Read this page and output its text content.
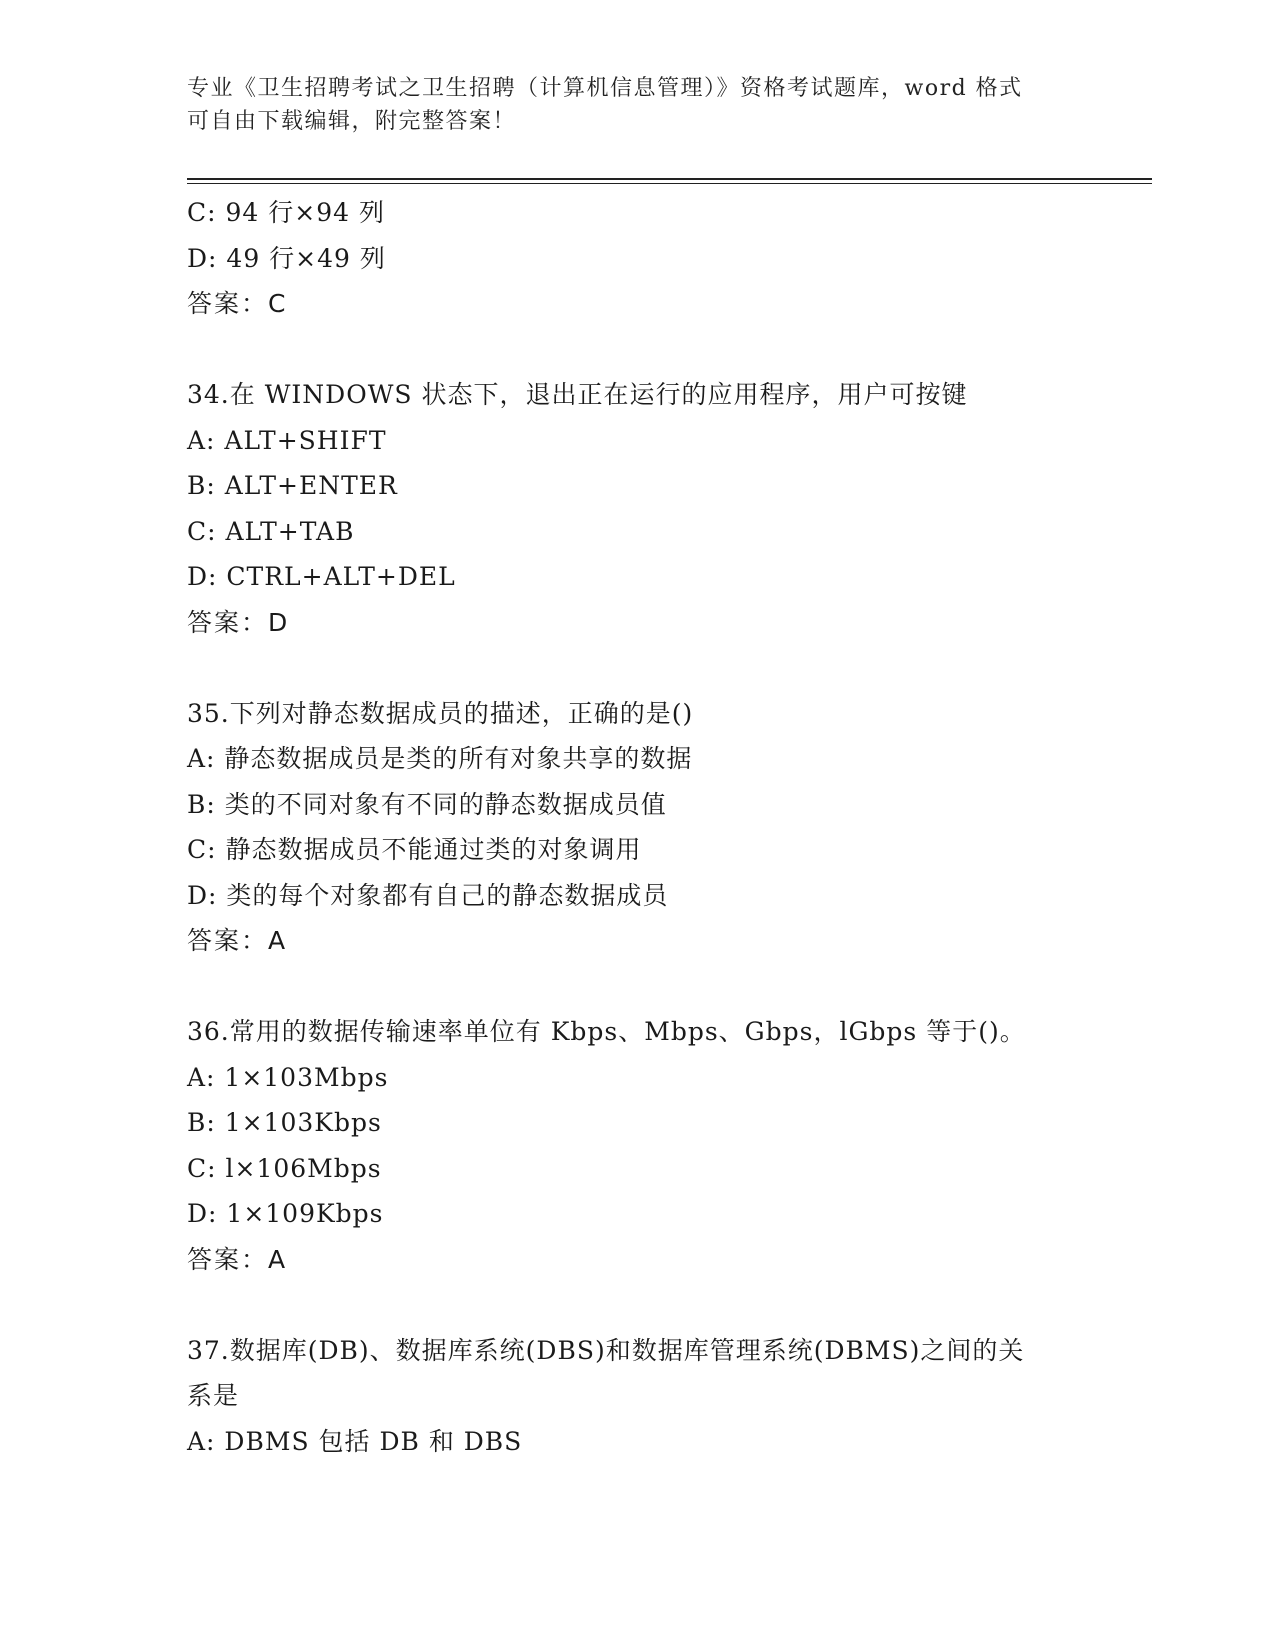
专业《卫生招聘考试之卫生招聘（计算机信息管理）》资格考试题库，word 格式
可自由下载编辑，附完整答案！
C: 94 行×94 列
D: 49 行×49 列
答案：C
34.在 WINDOWS 状态下，退出正在运行的应用程序，用户可按键
A: ALT+SHIFT
B: ALT+ENTER
C: ALT+TAB
D: CTRL+ALT+DEL
答案：D
35.下列对静态数据成员的描述，正确的是()
A: 静态数据成员是类的所有对象共享的数据
B: 类的不同对象有不同的静态数据成员值
C: 静态数据成员不能通过类的对象调用
D: 类的每个对象都有自己的静态数据成员
答案：A
36.常用的数据传输速率单位有 Kbps、Mbps、Gbps，lGbps 等于()。
A: 1×103Mbps
B: 1×103Kbps
C: l×106Mbps
D: 1×109Kbps
答案：A
37.数据库(DB)、数据库系统(DBS)和数据库管理系统(DBMS)之间的关
系是
A: DBMS 包括 DB 和 DBS
